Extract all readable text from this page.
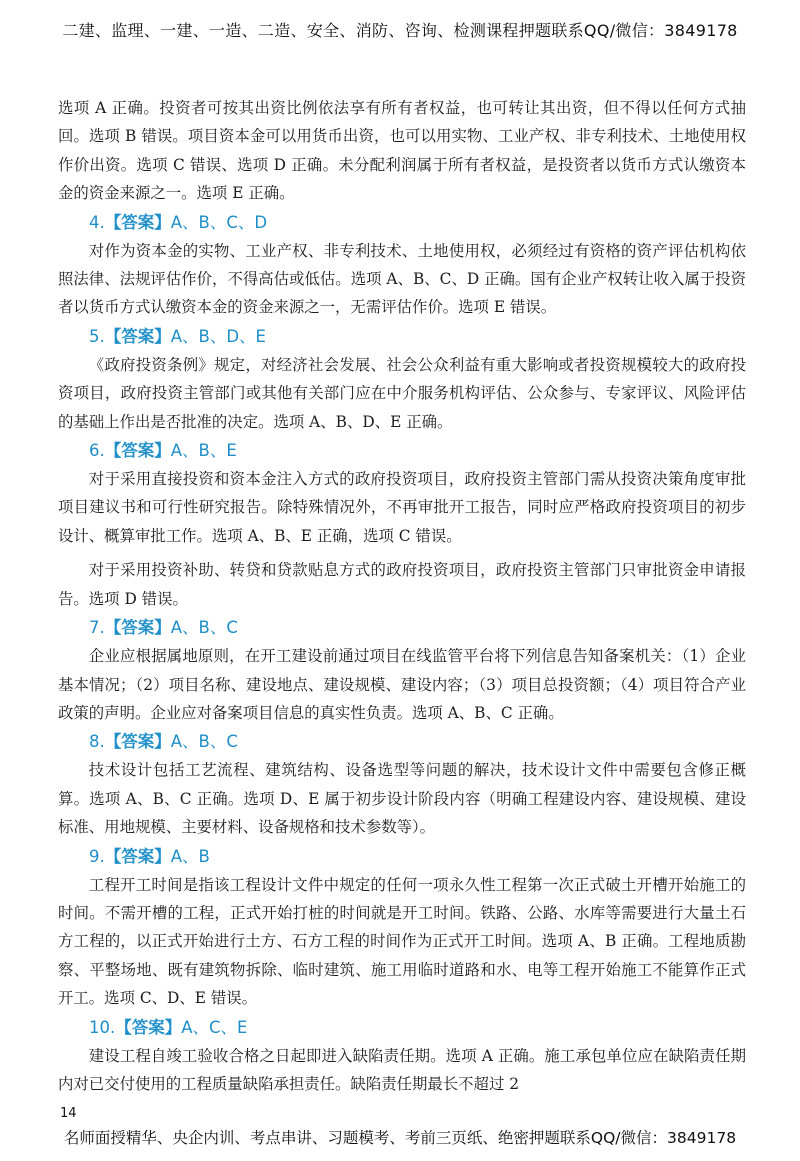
二建、监理、一建、一造、二造、安全、消防、咨询、检测课程押题联系QQ/微信：3849178

选项 A 正确。投资者可按其出资比例依法享有所有者权益，也可转让其出资，但不得以任何方式抽回。选项 B 错误。项目资本金可以用货币出资，也可以用实物、工业产权、非专利技术、土地使用权作价出资。选项 C 错误、选项 D 正确。未分配利润属于所有者权益，是投资者以货币方式认缴资本金的资金来源之一。选项 E 正确。

4.【答案】A、B、C、D

对作为资本金的实物、工业产权、非专利技术、土地使用权，必须经过有资格的资产评估机构依照法律、法规评估作价，不得高估或低估。选项 A、B、C、D 正确。国有企业产权转让收入属于投资者以货币方式认缴资本金的资金来源之一，无需评估作价。选项 E 错误。

5.【答案】A、B、D、E

《政府投资条例》规定，对经济社会发展、社会公众利益有重大影响或者投资规模较大的政府投资项目，政府投资主管部门或其他有关部门应在中介服务机构评估、公众参与、专家评议、风险评估的基础上作出是否批准的决定。选项 A、B、D、E 正确。

6.【答案】A、B、E

对于采用直接投资和资本金注入方式的政府投资项目，政府投资主管部门需从投资决策角度审批项目建议书和可行性研究报告。除特殊情况外，不再审批开工报告，同时应严格政府投资项目的初步设计、概算审批工作。选项 A、B、E 正确，选项 C 错误。

对于采用投资补助、转贷和贷款贴息方式的政府投资项目，政府投资主管部门只审批资金申请报告。选项 D 错误。

7.【答案】A、B、C

企业应根据属地原则，在开工建设前通过项目在线监管平台将下列信息告知备案机关：（1）企业基本情况；（2）项目名称、建设地点、建设规模、建设内容；（3）项目总投资额；（4）项目符合产业政策的声明。企业应对备案项目信息的真实性负责。选项 A、B、C 正确。

8.【答案】A、B、C

技术设计包括工艺流程、建筑结构、设备选型等问题的解决，技术设计文件中需要包含修正概算。选项 A、B、C 正确。选项 D、E 属于初步设计阶段内容（明确工程建设内容、建设规模、建设标准、用地规模、主要材料、设备规格和技术参数等）。

9.【答案】A、B

工程开工时间是指该工程设计文件中规定的任何一项永久性工程第一次正式破土开槽开始施工的时间。不需开槽的工程，正式开始打桩的时间就是开工时间。铁路、公路、水库等需要进行大量土石方工程的，以正式开始进行土方、石方工程的时间作为正式开工时间。选项 A、B 正确。工程地质勘察、平整场地、既有建筑物拆除、临时建筑、施工用临时道路和水、电等工程开始施工不能算作正式开工。选项 C、D、E 错误。

10.【答案】A、C、E

建设工程自竣工验收合格之日起即进入缺陷责任期。选项 A 正确。施工承包单位应在缺陷责任期内对已交付使用的工程质量缺陷承担责任。缺陷责任期最长不超过 2

14
名师面授精华、央企内训、考点串讲、习题模考、考前三页纸、绝密押题联系QQ/微信：3849178
